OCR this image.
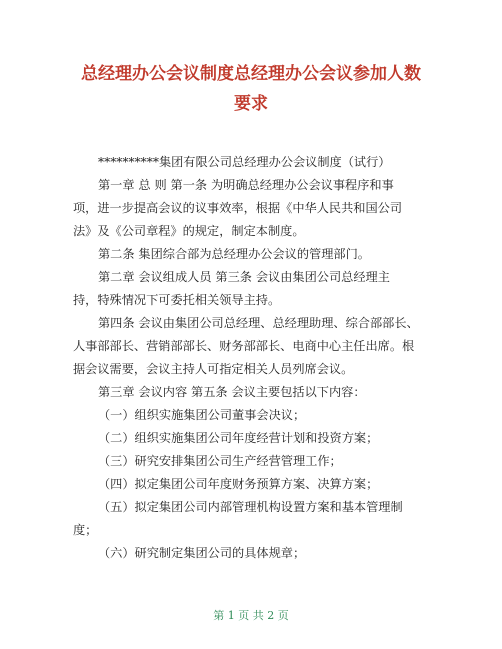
总经理办公会议制度总经理办公会议参加人数
要求
**********集团有限公司总经理办公会议制度（试行）
第一章 总 则 第一条 为明确总经理办公会议事程序和事
项，进一步提高会议的议事效率，根据《中华人民共和国公司
法》及《公司章程》的规定，制定本制度。
第二条 集团综合部为总经理办公会议的管理部门。
第二章 会议组成人员 第三条 会议由集团公司总经理主
持，特殊情况下可委托相关领导主持。
第四条 会议由集团公司总经理、总经理助理、综合部部长、
人事部部长、营销部部长、财务部部长、电商中心主任出席。根
据会议需要，会议主持人可指定相关人员列席会议。
第三章 会议内容 第五条 会议主要包括以下内容：
（一）组织实施集团公司董事会决议；
（二）组织实施集团公司年度经营计划和投资方案；
（三）研究安排集团公司生产经营管理工作；
（四）拟定集团公司年度财务预算方案、决算方案；
（五）拟定集团公司内部管理机构设置方案和基本管理制
度；
（六）研究制定集团公司的具体规章；
第 1 页 共 2 页
